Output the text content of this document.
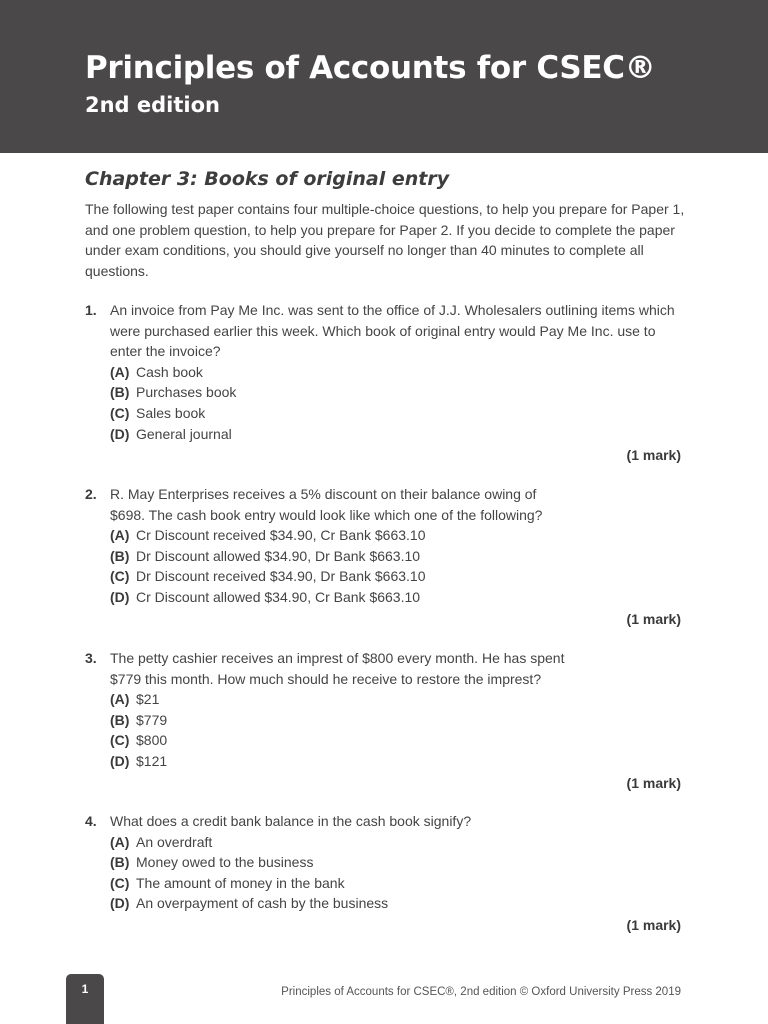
Principles of Accounts for CSEC®
2nd edition
Chapter 3: Books of original entry

The following test paper contains four multiple-choice questions, to help you prepare for Paper 1, and one problem question, to help you prepare for Paper 2. If you decide to complete the paper under exam conditions, you should give yourself no longer than 40 minutes to complete all questions.

1. An invoice from Pay Me Inc. was sent to the office of J.J. Wholesalers outlining items which were purchased earlier this week. Which book of original entry would Pay Me Inc. use to enter the invoice?

(A) Cash book
(B) Purchases book
(C) Sales book
(D) General journal
(1 mark)
2. R. May Enterprises receives a 5% discount on their balance owing of $698. The cash book entry would look like which one of the following?

(A) Cr Discount received $34.90, Cr Bank $663.10
(B) Dr Discount allowed $34.90, Dr Bank $663.10
(C) Dr Discount received $34.90, Dr Bank $663.10
(D) Cr Discount allowed $34.90, Cr Bank $663.10
(1 mark)
3. The petty cashier receives an imprest of $800 every month. He has spent $779 this month. How much should he receive to restore the imprest?

(A) $21
(B) $779
(C) $800
(D) $121
(1 mark)
4. What does a credit bank balance in the cash book signify?

(A) An overdraft
(B) Money owed to the business
(C) The amount of money in the bank
(D) An overpayment of cash by the business
(1 mark)
1	Principles of Accounts for CSEC®, 2nd edition © Oxford University Press 2019
